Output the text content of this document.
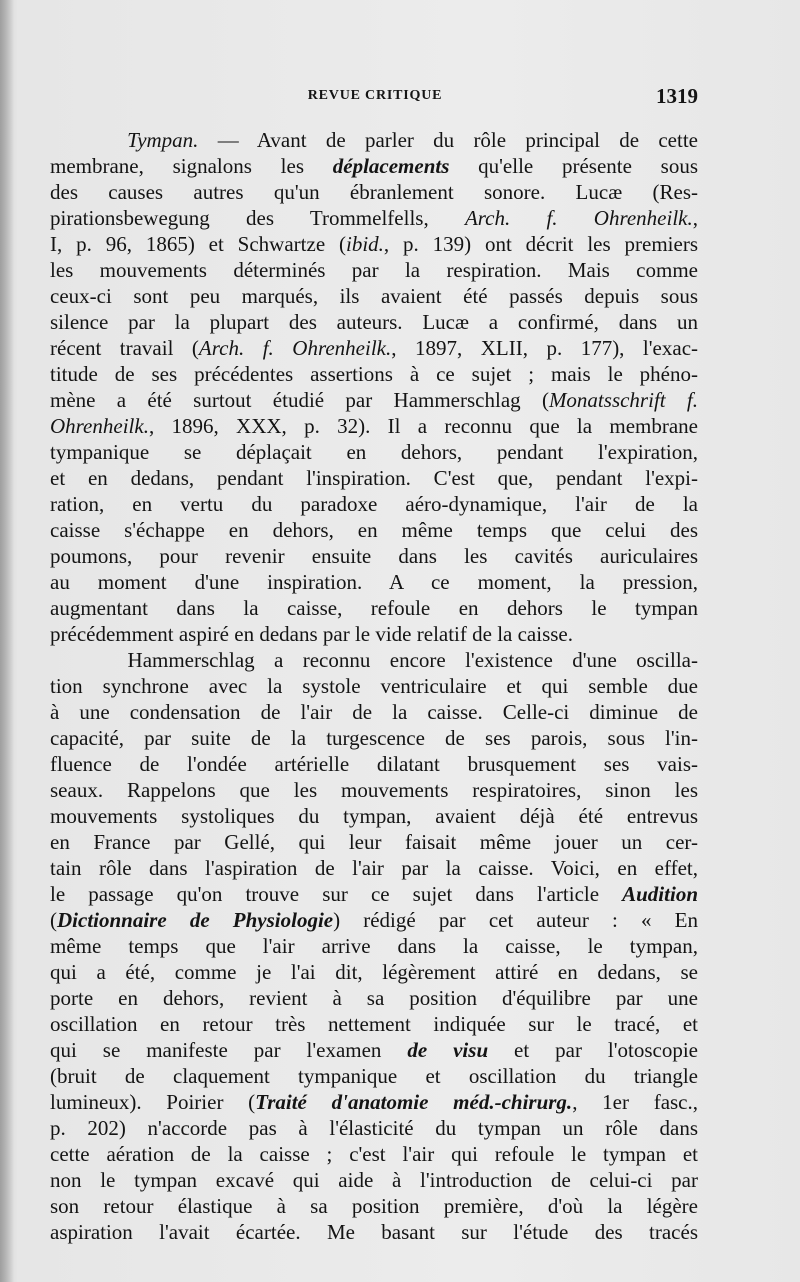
REVUE CRITIQUE	1319
Tympan. — Avant de parler du rôle principal de cette
membrane, signalons les déplacements qu'elle présente sous
des causes autres qu'un ébranlement sonore. Lucæ (Res-
pirationsbewegung des Trommelfells, Arch. f. Ohrenheilk.,
I, p. 96, 1865) et Schwartze (ibid., p. 139) ont décrit les premiers
les mouvements déterminés par la respiration. Mais comme
ceux-ci sont peu marqués, ils avaient été passés depuis sous
silence par la plupart des auteurs. Lucæ a confirmé, dans un
récent travail (Arch. f. Ohrenheilk., 1897, XLII, p. 177), l'exac-
titude de ses précédentes assertions à ce sujet ; mais le phéno-
mène a été surtout étudié par Hammerschlag (Monatsschrift f.
Ohrenheilk., 1896, XXX, p. 32). Il a reconnu que la membrane
tympanique se déplaçait en dehors, pendant l'expiration,
et en dedans, pendant l'inspiration. C'est que, pendant l'expi-
ration, en vertu du paradoxe aéro-dynamique, l'air de la
caisse s'échappe en dehors, en même temps que celui des
poumons, pour revenir ensuite dans les cavités auriculaires
au moment d'une inspiration. A ce moment, la pression,
augmentant dans la caisse, refoule en dehors le tympan
précédemment aspiré en dedans par le vide relatif de la caisse.
Hammerschlag a reconnu encore l'existence d'une oscilla-
tion synchrone avec la systole ventriculaire et qui semble due
à une condensation de l'air de la caisse. Celle-ci diminue de
capacité, par suite de la turgescence de ses parois, sous l'in-
fluence de l'ondée artérielle dilatant brusquement ses vais-
seaux. Rappelons que les mouvements respiratoires, sinon les
mouvements systoliques du tympan, avaient déjà été entrevus
en France par Gellé, qui leur faisait même jouer un cer-
tain rôle dans l'aspiration de l'air par la caisse. Voici, en effet,
le passage qu'on trouve sur ce sujet dans l'article Audition
(Dictionnaire de Physiologie) rédigé par cet auteur : « En
même temps que l'air arrive dans la caisse, le tympan,
qui a été, comme je l'ai dit, légèrement attiré en dedans, se
porte en dehors, revient à sa position d'équilibre par une
oscillation en retour très nettement indiquée sur le tracé, et
qui se manifeste par l'examen de visu et par l'otoscopie
(bruit de claquement tympanique et oscillation du triangle
lumineux). Poirier (Traité d'anatomie méd.-chirurg., 1er fasc.,
p. 202) n'accorde pas à l'élasticité du tympan un rôle dans
cette aération de la caisse ; c'est l'air qui refoule le tympan et
non le tympan excavé qui aide à l'introduction de celui-ci par
son retour élastique à sa position première, d'où la légère
aspiration l'avait écartée. Me basant sur l'étude des tracés
